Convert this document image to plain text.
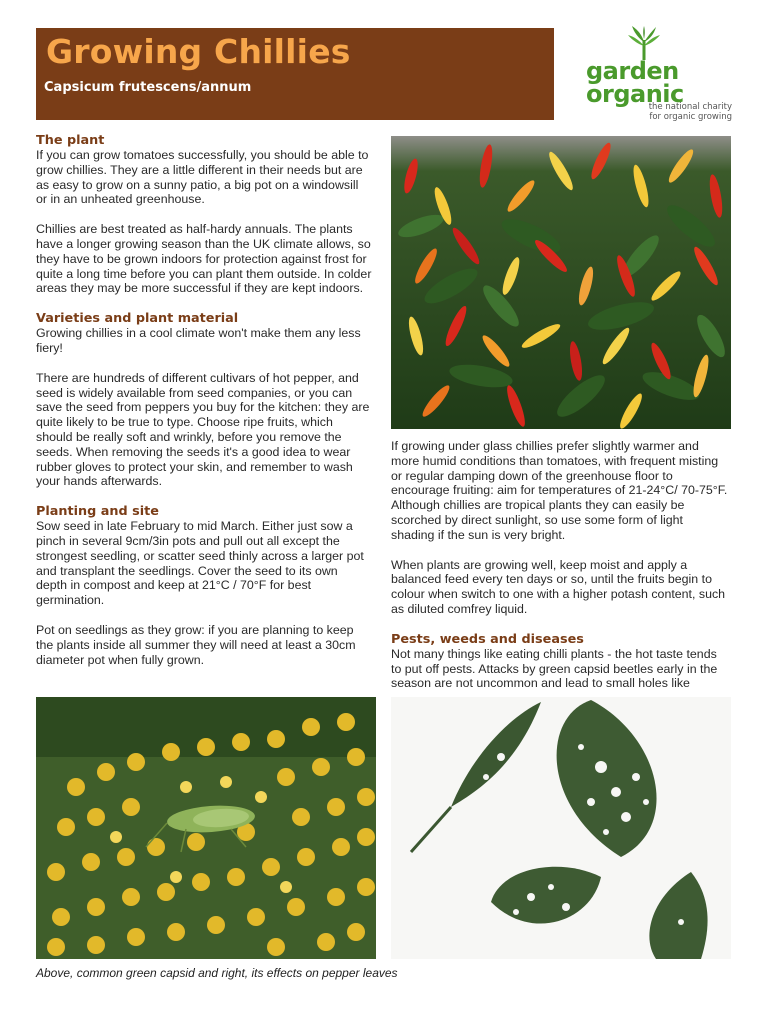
Growing Chillies
Capsicum frutescens/annum
garden
organic
the national charity
for organic growing
The plant

If you can grow tomatoes successfully, you should be able to grow chillies. They are a little different in their needs but are as easy to grow on a sunny patio, a big pot on a windowsill or in an unheated greenhouse.

Chillies are best treated as half-hardy annuals. The plants have a longer growing season than the UK climate allows, so they have to be grown indoors for protection against frost for quite a long time before you can plant them outside. In colder areas they may be more successful if they are kept indoors.

Varieties and plant material

Growing chillies in a cool climate won't make them any less fiery!

There are hundreds of different cultivars of hot pepper, and seed is widely available from seed companies, or you can save the seed from peppers you buy for the kitchen: they are quite likely to be true to type. Choose ripe fruits, which should be really soft and wrinkly, before you remove the seeds. When removing the seeds it's a good idea to wear rubber gloves to protect your skin, and remember to wash your hands afterwards.

Planting and site

Sow seed in late February to mid March. Either just sow a pinch in several 9cm/3in pots and pull out all except the strongest seedling, or scatter seed thinly across a larger pot and transplant the seedlings. Cover the seed to its own depth in compost and keep at 21°C / 70°F for best germination.

Pot on seedlings as they grow: if you are planning to keep the plants inside all summer they will need at least a 30cm diameter pot when fully grown.

If growing under glass chillies prefer slightly warmer and more humid conditions than tomatoes, with frequent misting or regular damping down of the greenhouse floor to encourage fruiting: aim for temperatures of 21-24°C/ 70-75°F. Although chillies are tropical plants they can easily be scorched by direct sunlight, so use some form of light shading if the sun is very bright.

When plants are growing well, keep moist and apply a balanced feed every ten days or so, until the fruits begin to colour when switch to one with a higher potash content, such as diluted comfrey liquid.

Pests, weeds and diseases

Not many things like eating chilli plants - the hot taste tends to put off pests. Attacks by green capsid beetles early in the season are not uncommon and lead to small holes like

Above, common green capsid and right, its effects on pepper leaves
